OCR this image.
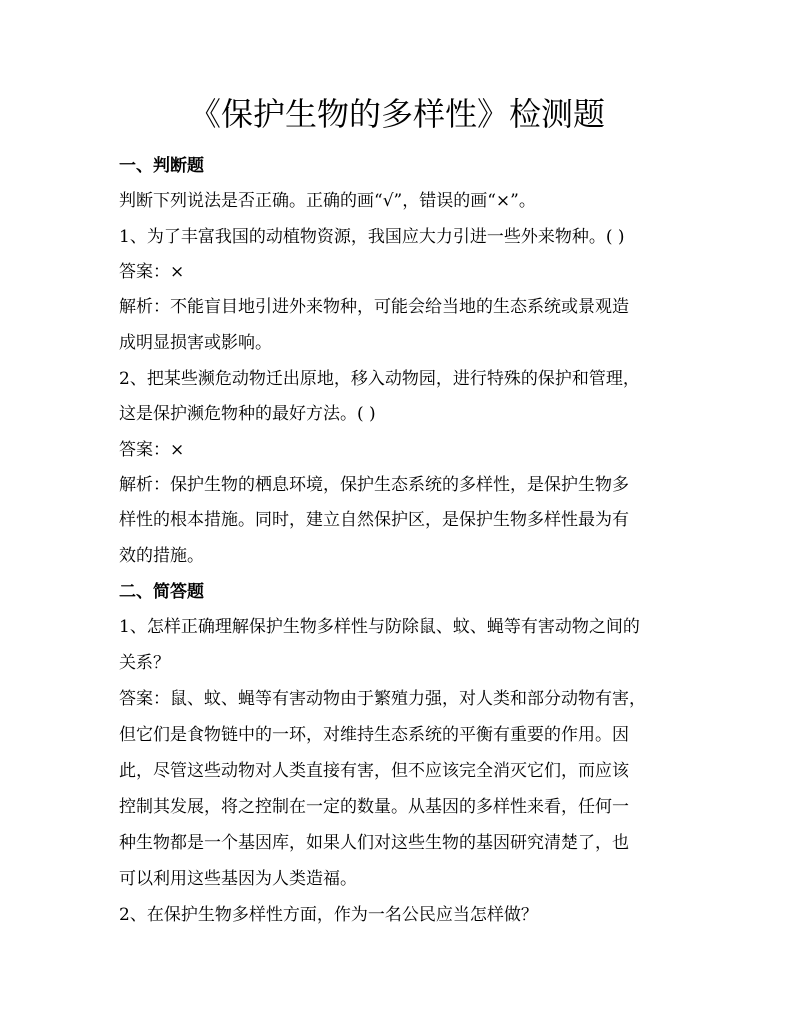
《保护生物的多样性》检测题
一、判断题
判断下列说法是否正确。正确的画“√”，错误的画“×”。
1、为了丰富我国的动植物资源，我国应大力引进一些外来物种。( )
答案：×
解析：不能盲目地引进外来物种，可能会给当地的生态系统或景观造
成明显损害或影响。
2、把某些濒危动物迁出原地，移入动物园，进行特殊的保护和管理，
这是保护濒危物种的最好方法。( )
答案：×
解析：保护生物的栖息环境，保护生态系统的多样性，是保护生物多
样性的根本措施。同时，建立自然保护区，是保护生物多样性最为有
效的措施。
二、简答题
1、怎样正确理解保护生物多样性与防除鼠、蚊、蝇等有害动物之间的
关系？
答案：鼠、蚊、蝇等有害动物由于繁殖力强，对人类和部分动物有害，
但它们是食物链中的一环，对维持生态系统的平衡有重要的作用。因
此，尽管这些动物对人类直接有害，但不应该完全消灭它们，而应该
控制其发展，将之控制在一定的数量。从基因的多样性来看，任何一
种生物都是一个基因库，如果人们对这些生物的基因研究清楚了，也
可以利用这些基因为人类造福。
2、在保护生物多样性方面，作为一名公民应当怎样做？
